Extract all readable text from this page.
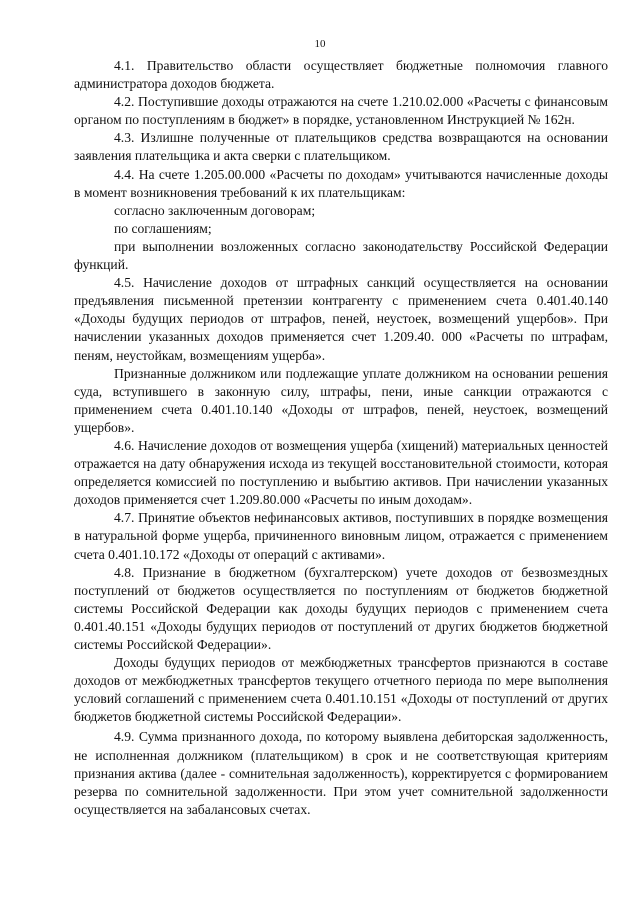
10

4.1. Правительство области осуществляет бюджетные полномочия главного администратора доходов бюджета.

4.2. Поступившие доходы отражаются на счете 1.210.02.000 «Расчеты с финансовым органом по поступлениям в бюджет» в порядке, установленном Инструкцией № 162н.

4.3. Излишне полученные от плательщиков средства возвращаются на основании заявления плательщика и акта сверки с плательщиком.

4.4. На счете 1.205.00.000 «Расчеты по доходам» учитываются начисленные доходы в момент возникновения требований к их плательщикам:

согласно заключенным договорам;

по соглашениям;

при выполнении возложенных согласно законодательству Российской Федерации функций.

4.5. Начисление доходов от штрафных санкций осуществляется на основании предъявления письменной претензии контрагенту с применением счета 0.401.40.140 «Доходы будущих периодов от штрафов, пеней, неустоек, возмещений ущербов». При начислении указанных доходов применяется счет 1.209.40. 000 «Расчеты по штрафам, пеням, неустойкам, возмещениям ущерба».

Признанные должником или подлежащие уплате должником на основании решения суда, вступившего в законную силу, штрафы, пени, иные санкции отражаются с применением счета 0.401.10.140 «Доходы от штрафов, пеней, неустоек, возмещений ущербов».

4.6. Начисление доходов от возмещения ущерба (хищений) материальных ценностей отражается на дату обнаружения исхода из текущей восстановительной стоимости, которая определяется комиссией по поступлению и выбытию активов. При начислении указанных доходов применяется счет 1.209.80.000 «Расчеты по иным доходам».

4.7. Принятие объектов нефинансовых активов, поступивших в порядке возмещения в натуральной форме ущерба, причиненного виновным лицом, отражается с применением счета 0.401.10.172 «Доходы от операций с активами».

4.8. Признание в бюджетном (бухгалтерском) учете доходов от безвозмездных поступлений от бюджетов осуществляется по поступлениям от бюджетов бюджетной системы Российской Федерации как доходы будущих периодов с применением счета 0.401.40.151 «Доходы будущих периодов от поступлений от других бюджетов бюджетной системы Российской Федерации».

Доходы будущих периодов от межбюджетных трансфертов признаются в составе доходов от межбюджетных трансфертов текущего отчетного периода по мере выполнения условий соглашений с применением счета 0.401.10.151 «Доходы от поступлений от других бюджетов бюджетной системы Российской Федерации».

4.9. Сумма признанного дохода, по которому выявлена дебиторская задолженность, не исполненная должником (плательщиком) в срок и не соответствующая критериям признания актива (далее - сомнительная задолженность), корректируется с формированием резерва по сомнительной задолженности. При этом учет сомнительной задолженности осуществляется на забалансовых счетах.
